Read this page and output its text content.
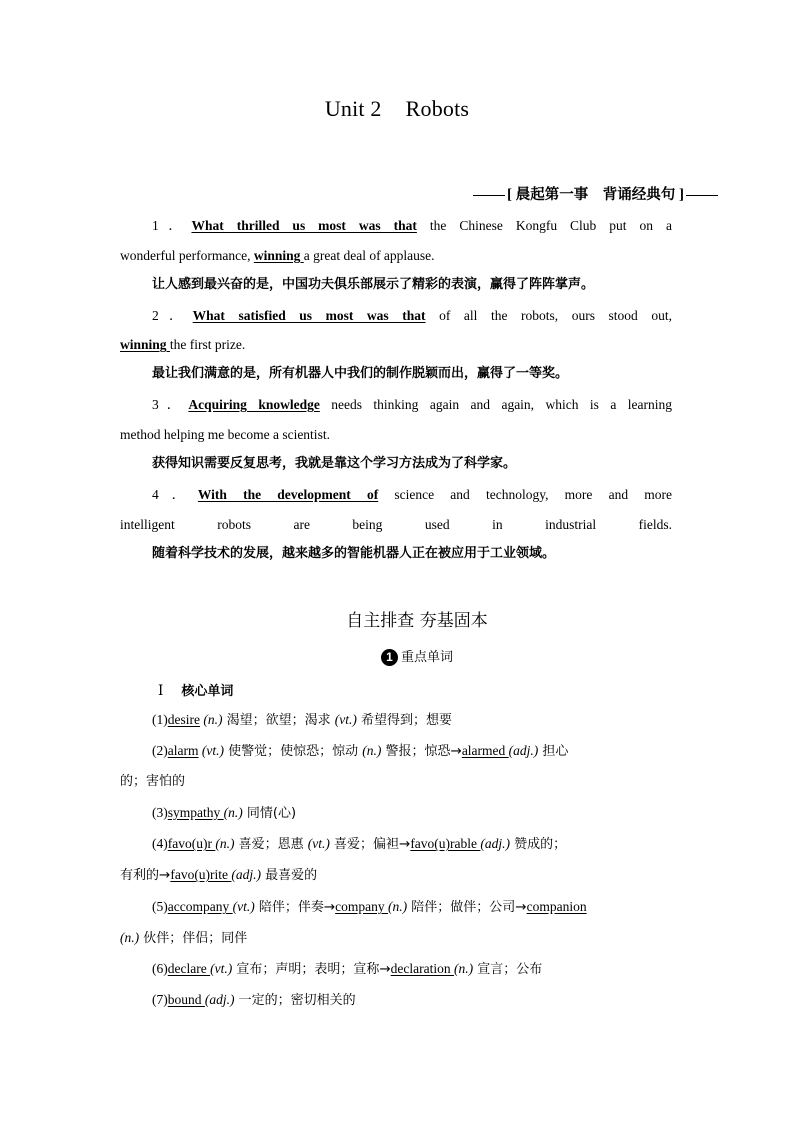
Unit 2 Robots
[ 晨起第一事　背诵经典句 ]
1．What thrilled us most was that the Chinese Kongfu Club put on a
wonderful performance, winning a great deal of applause.
让人感到最兴奋的是，中国功夫俱乐部展示了精彩的表演，赢得了阵阵掌声。
2．What satisfied us most was that of all the robots, ours stood out,
winning the first prize.
最让我们满意的是，所有机器人中我们的制作脱颖而出，赢得了一等奖。
3．Acquiring knowledge needs thinking again and again, which is a learning
method helping me become a scientist.
获得知识需要反复思考，我就是靠这个学习方法成为了科学家。
4．With the development of science and technology, more and more
intelligent robots are being used in industrial fields.
随着科学技术的发展，越来越多的智能机器人正在被应用于工业领域。
自主排查 夯基固本
1 重点单词
Ⅰ 核心单词
(1)desire (n.) 渴望；欲望；渴求 (vt.) 希望得到；想要
(2)alarm (vt.) 使警觉；使惊恐；惊动 (n.) 警报；惊恐→alarmed (adj.) 担心
的；害怕的
(3)sympathy (n.) 同情(心)
(4)favo(u)r (n.) 喜爱；恩惠 (vt.) 喜爱；偏袒→favo(u)rable (adj.) 赞成的；
有利的→favo(u)rite (adj.) 最喜爱的
(5)accompany (vt.) 陪伴；伴奏→company (n.) 陪伴；做伴；公司→companion
(n.) 伙伴；伴侣；同伴
(6)declare (vt.) 宣布；声明；表明；宣称→declaration (n.) 宣言；公布
(7)bound (adj.) 一定的；密切相关的
